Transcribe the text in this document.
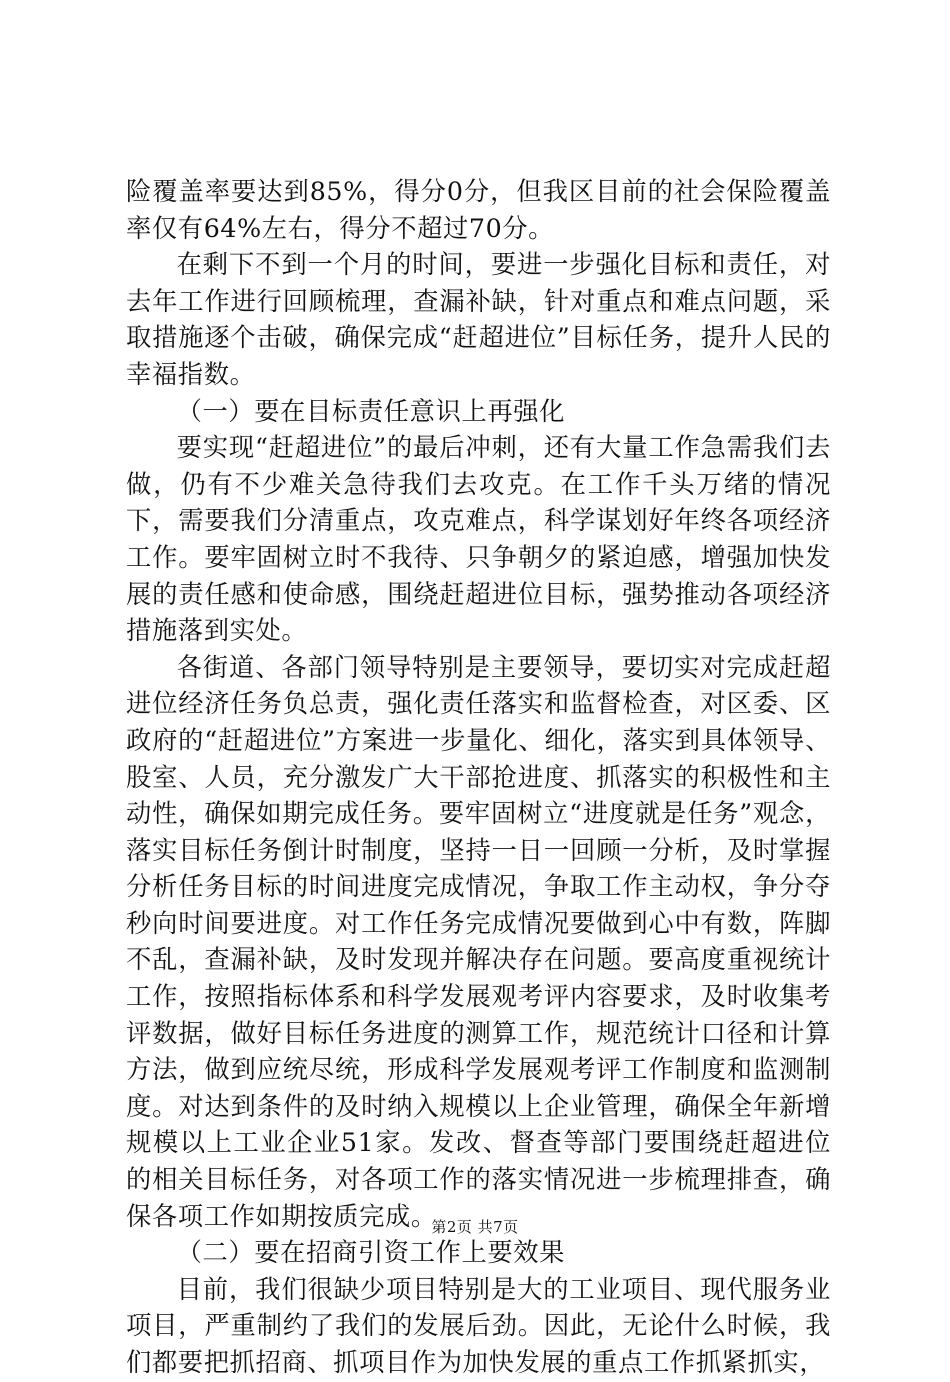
险覆盖率要达到85%，得分0分，但我区目前的社会保险覆盖率仅有64%左右，得分不超过70分。

在剩下不到一个月的时间，要进一步强化目标和责任，对去年工作进行回顾梳理，查漏补缺，针对重点和难点问题，采取措施逐个击破，确保完成“赶超进位”目标任务，提升人民的幸福指数。

（一）要在目标责任意识上再强化

要实现“赶超进位”的最后冲刺，还有大量工作急需我们去做，仍有不少难关急待我们去攻克。在工作千头万绪的情况下，需要我们分清重点，攻克难点，科学谋划好年终各项经济工作。要牢固树立时不我待、只争朝夕的紧迫感，增强加快发展的责任感和使命感，围绕赶超进位目标，强势推动各项经济措施落到实处。

各街道、各部门领导特别是主要领导，要切实对完成赶超进位经济任务负总责，强化责任落实和监督检查，对区委、区政府的“赶超进位”方案进一步量化、细化，落实到具体领导、股室、人员，充分激发广大干部抢进度、抓落实的积极性和主动性，确保如期完成任务。要牢固树立“进度就是任务”观念，落实目标任务倒计时制度，坚持一日一回顾一分析，及时掌握分析任务目标的时间进度完成情况，争取工作主动权，争分夺秒向时间要进度。对工作任务完成情况要做到心中有数，阵脚不乱，查漏补缺，及时发现并解决存在问题。要高度重视统计工作，按照指标体系和科学发展观考评内容要求，及时收集考评数据，做好目标任务进度的测算工作，规范统计口径和计算方法，做到应统尽统，形成科学发展观考评工作制度和监测制度。对达到条件的及时纳入规模以上企业管理，确保全年新增规模以上工业企业51家。发改、督查等部门要围绕赶超进位的相关目标任务，对各项工作的落实情况进一步梳理排查，确保各项工作如期按质完成。

（二）要在招商引资工作上要效果

目前，我们很缺少项目特别是大的工业项目、现代服务业项目，严重制约了我们的发展后劲。因此，无论什么时候，我们都要把抓招商、抓项目作为加快发展的重点工作抓紧抓实，

第2页 共7页
